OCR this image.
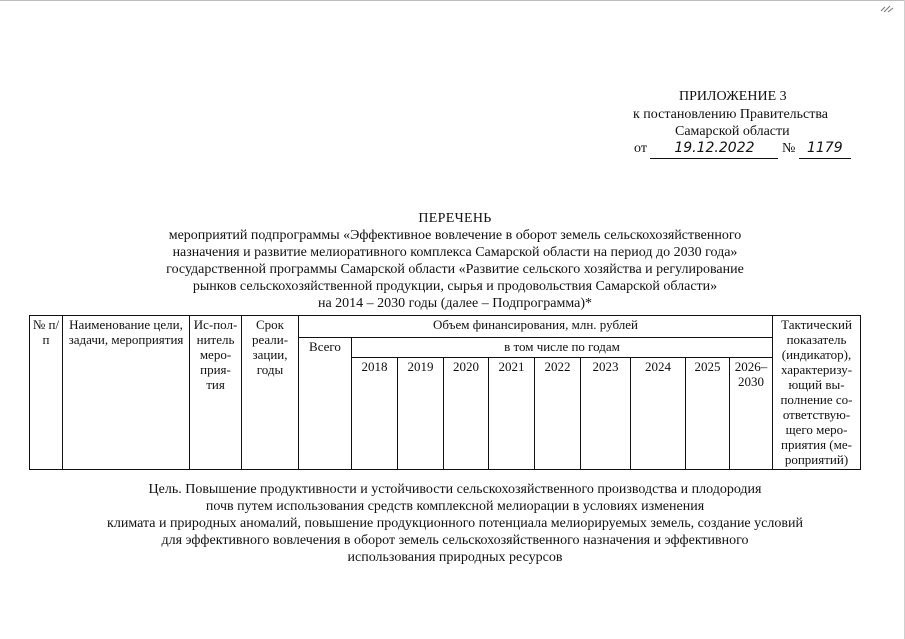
ПРИЛОЖЕНИЕ 3
к постановлению Правительства
Самарской области
от 19.12.2022 № 1179
ПЕРЕЧЕНЬ
мероприятий подпрограммы «Эффективное вовлечение в оборот земель сельскохозяйственного
назначения и развитие мелиоративного комплекса Самарской области на период до 2030 года»
государственной программы Самарской области «Развитие сельского хозяйства и регулирование
рынков сельскохозяйственной продукции, сырья и продовольствия Самарской области»
на 2014 – 2030 годы (далее – Подпрограмма)*
№ п/п	Наименование цели, задачи, мероприятия	Ис-пол-нитель меро-прия-тия	Срок реали-зации, годы	Объем финансирования, млн. рублей										Тактический показатель (индикатор), характеризу-ющий вы-полнение со-ответствую-щего меро-приятия (ме-роприятий)
				Всего	в том числе по годам									
					2018	2019	2020	2021	2022	2023	2024	2025	2026–2030	
Цель. Повышение продуктивности и устойчивости сельскохозяйственного производства и плодородия
почв путем использования средств комплексной мелиорации в условиях изменения
климата и природных аномалий, повышение продукционного потенциала мелиорируемых земель, создание условий
для эффективного вовлечения в оборот земель сельскохозяйственного назначения и эффективного
использования природных ресурсов
